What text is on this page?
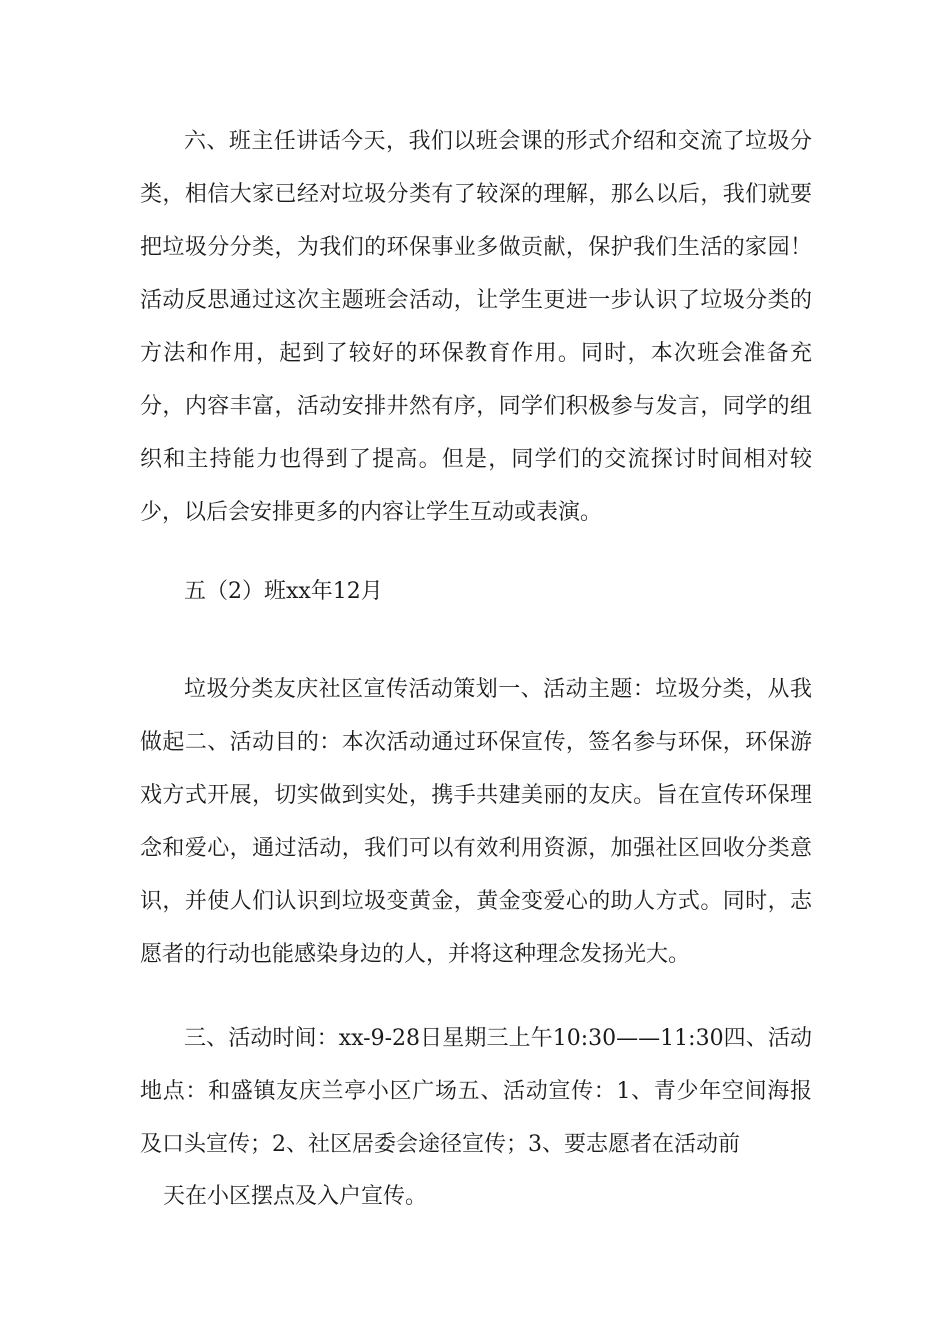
六、班主任讲话今天，我们以班会课的形式介绍和交流了垃圾分类，相信大家已经对垃圾分类有了较深的理解，那么以后，我们就要把垃圾分分类，为我们的环保事业多做贡献，保护我们生活的家园！活动反思通过这次主题班会活动，让学生更进一步认识了垃圾分类的方法和作用，起到了较好的环保教育作用。同时，本次班会准备充分，内容丰富，活动安排井然有序，同学们积极参与发言，同学的组织和主持能力也得到了提高。但是，同学们的交流探讨时间相对较少，以后会安排更多的内容让学生互动或表演。

五（2）班xx年12月

垃圾分类友庆社区宣传活动策划一、活动主题：垃圾分类，从我做起二、活动目的：本次活动通过环保宣传，签名参与环保，环保游戏方式开展，切实做到实处，携手共建美丽的友庆。旨在宣传环保理念和爱心，通过活动，我们可以有效利用资源，加强社区回收分类意识，并使人们认识到垃圾变黄金，黄金变爱心的助人方式。同时，志愿者的行动也能感染身边的人，并将这种理念发扬光大。

三、活动时间：xx-9-28日星期三上午10:30——11:30四、活动地点：和盛镇友庆兰亭小区广场五、活动宣传：1、青少年空间海报及口头宣传；2、社区居委会途径宣传；3、要志愿者在活动前

天在小区摆点及入户宣传。
